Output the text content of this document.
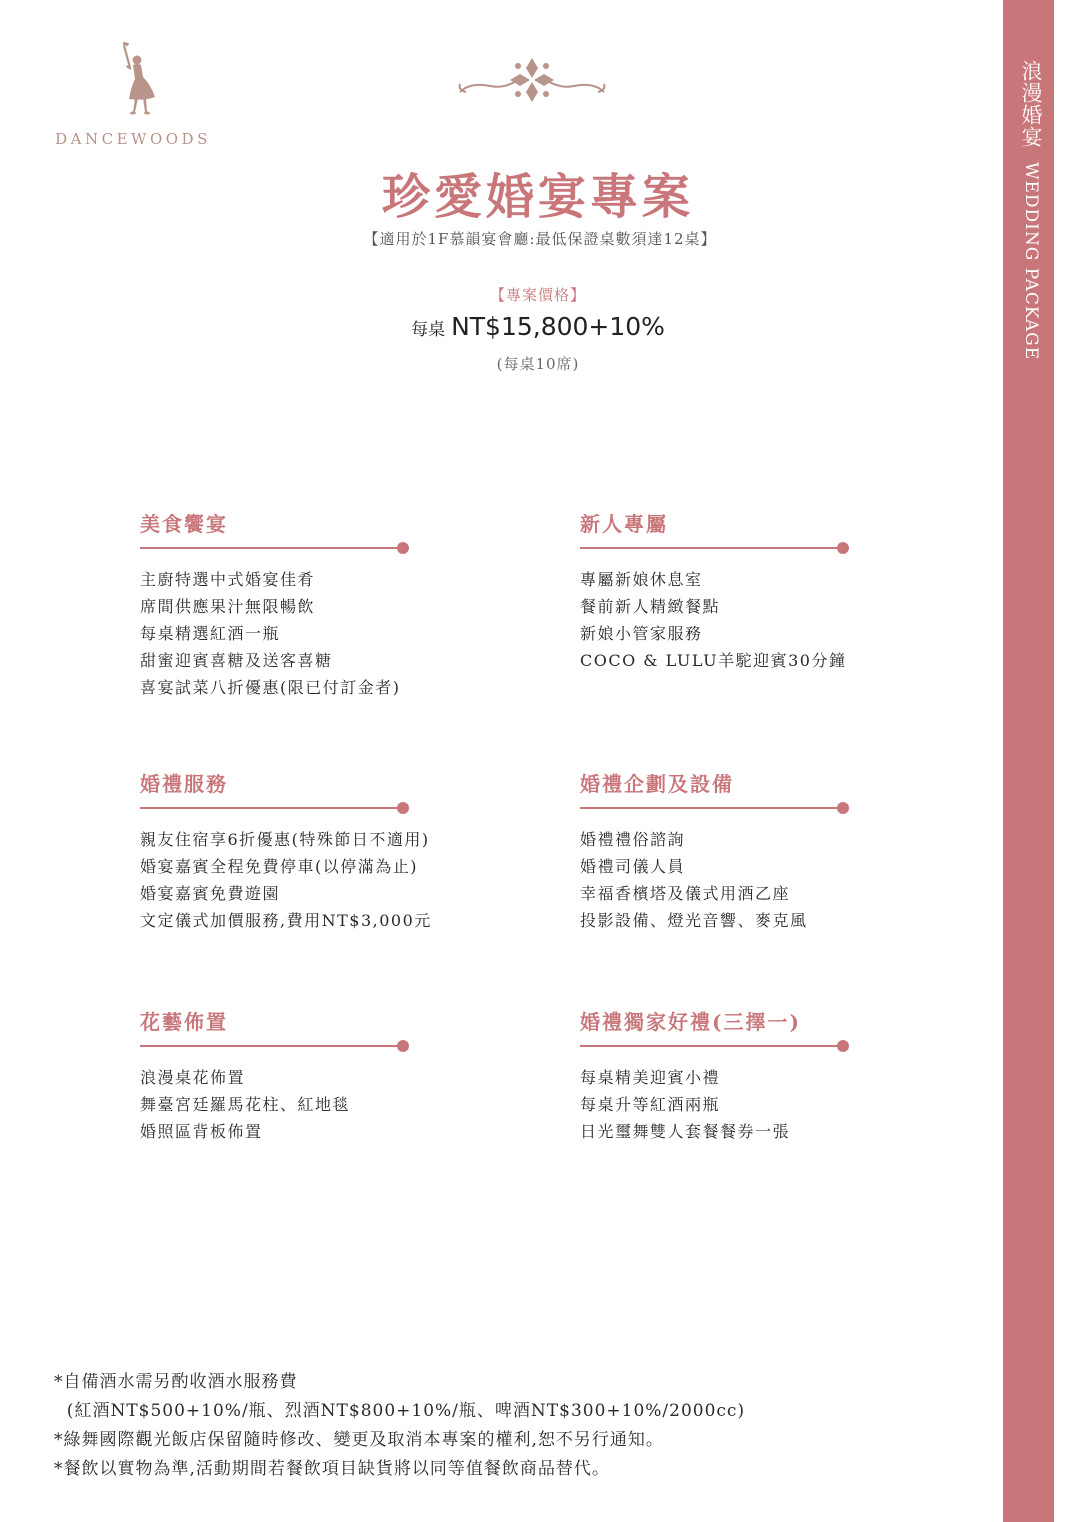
浪漫婚宴WEDDING PACKAGE
DANCEWOODS
珍愛婚宴專案
【適用於1F慕韻宴會廳:最低保證桌數須達12桌】
【專案價格】
每桌 NT$15,800+10%
(每桌10席)
美食饗宴
主廚特選中式婚宴佳肴
席間供應果汁無限暢飲
每桌精選紅酒一瓶
甜蜜迎賓喜糖及送客喜糖
喜宴試菜八折優惠(限已付訂金者)
新人專屬
專屬新娘休息室
餐前新人精緻餐點
新娘小管家服務
COCO & LULU羊駝迎賓30分鐘
婚禮服務
親友住宿享6折優惠(特殊節日不適用)
婚宴嘉賓全程免費停車(以停滿為止)
婚宴嘉賓免費遊園
文定儀式加價服務,費用NT$3,000元
婚禮企劃及設備
婚禮禮俗諮詢
婚禮司儀人員
幸福香檳塔及儀式用酒乙座
投影設備、燈光音響、麥克風
花藝佈置
浪漫桌花佈置
舞臺宮廷羅馬花柱、紅地毯
婚照區背板佈置
婚禮獨家好禮(三擇一)
每桌精美迎賓小禮
每桌升等紅酒兩瓶
日光璽舞雙人套餐餐券一張
*自備酒水需另酌收酒水服務費
(紅酒NT$500+10%/瓶、烈酒NT$800+10%/瓶、啤酒NT$300+10%/2000cc)
*綠舞國際觀光飯店保留隨時修改、變更及取消本專案的權利,恕不另行通知。
*餐飲以實物為準,活動期間若餐飲項目缺貨將以同等值餐飲商品替代。
